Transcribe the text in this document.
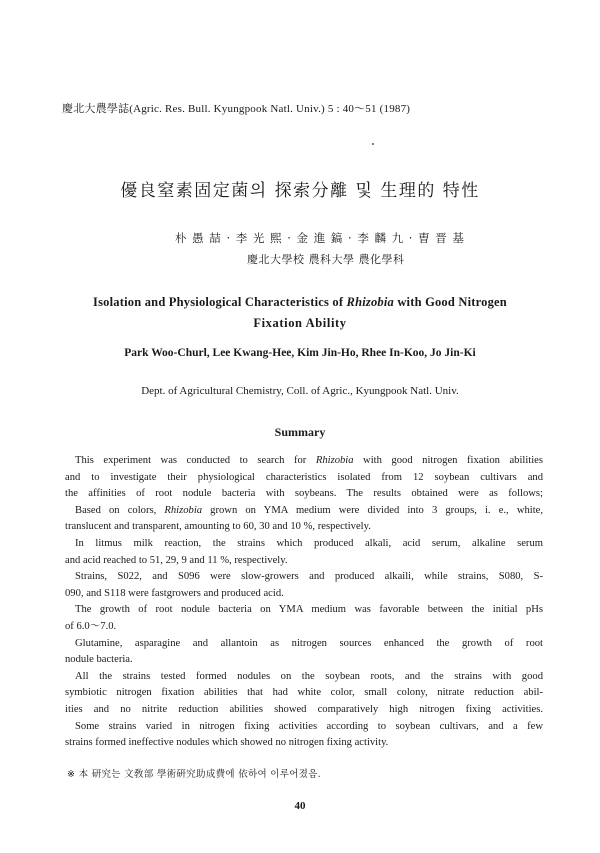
慶北大農學誌(Agric. Res. Bull. Kyungpook Natl. Univ.) 5 : 40～51 (1987)
優良窒素固定菌의 探索分離 및 生理的 特性
朴 愚 喆 · 李 光 熙 · 金 進 鎬 · 李 麟 九 · 曺 晋 基
慶北大學校 農科大學 農化學科
Isolation and Physiological Characteristics of Rhizobia with Good Nitrogen
Fixation Ability
Park Woo-Churl, Lee Kwang-Hee, Kim Jin-Ho, Rhee In-Koo, Jo Jin-Ki
Dept. of Agricultural Chemistry, Coll. of Agric., Kyungpook Natl. Univ.
Summary
This experiment was conducted to search for Rhizobia with good nitrogen fixation abilities
and to investigate their physiological characteristics isolated from 12 soybean cultivars and
the affinities of root nodule bacteria with soybeans. The results obtained were as follows;
Based on colors, Rhizobia grown on YMA medium were divided into 3 groups, i. e., white,
translucent and transparent, amounting to 60, 30 and 10 %, respectively.
In litmus milk reaction, the strains which produced alkali, acid serum, alkaline serum
and acid reached to 51, 29, 9 and 11 %, respectively.
Strains, S022, and S096 were slow-growers and produced alkaili, while strains, S080, S-
090, and S118 were fastgrowers and produced acid.
The growth of root nodule bacteria on YMA medium was favorable between the initial pHs
of 6.0～7.0.
Glutamine, asparagine and allantoin as nitrogen sources enhanced the growth of root
nodule bacteria.
All the strains tested formed nodules on the soybean roots, and the strains with good
symbiotic nitrogen fixation abilities that had white color, small colony, nitrate reduction abil-
ities and no nitrite reduction abilities showed comparatively high nitrogen fixing activities.
Some strains varied in nitrogen fixing activities according to soybean cultivars, and a few
strains formed ineffective nodules which showed no nitrogen fixing activity.
※ 本 研究는 文敎部 學術硏究助成費에 依하여 이루어졌음.
40
